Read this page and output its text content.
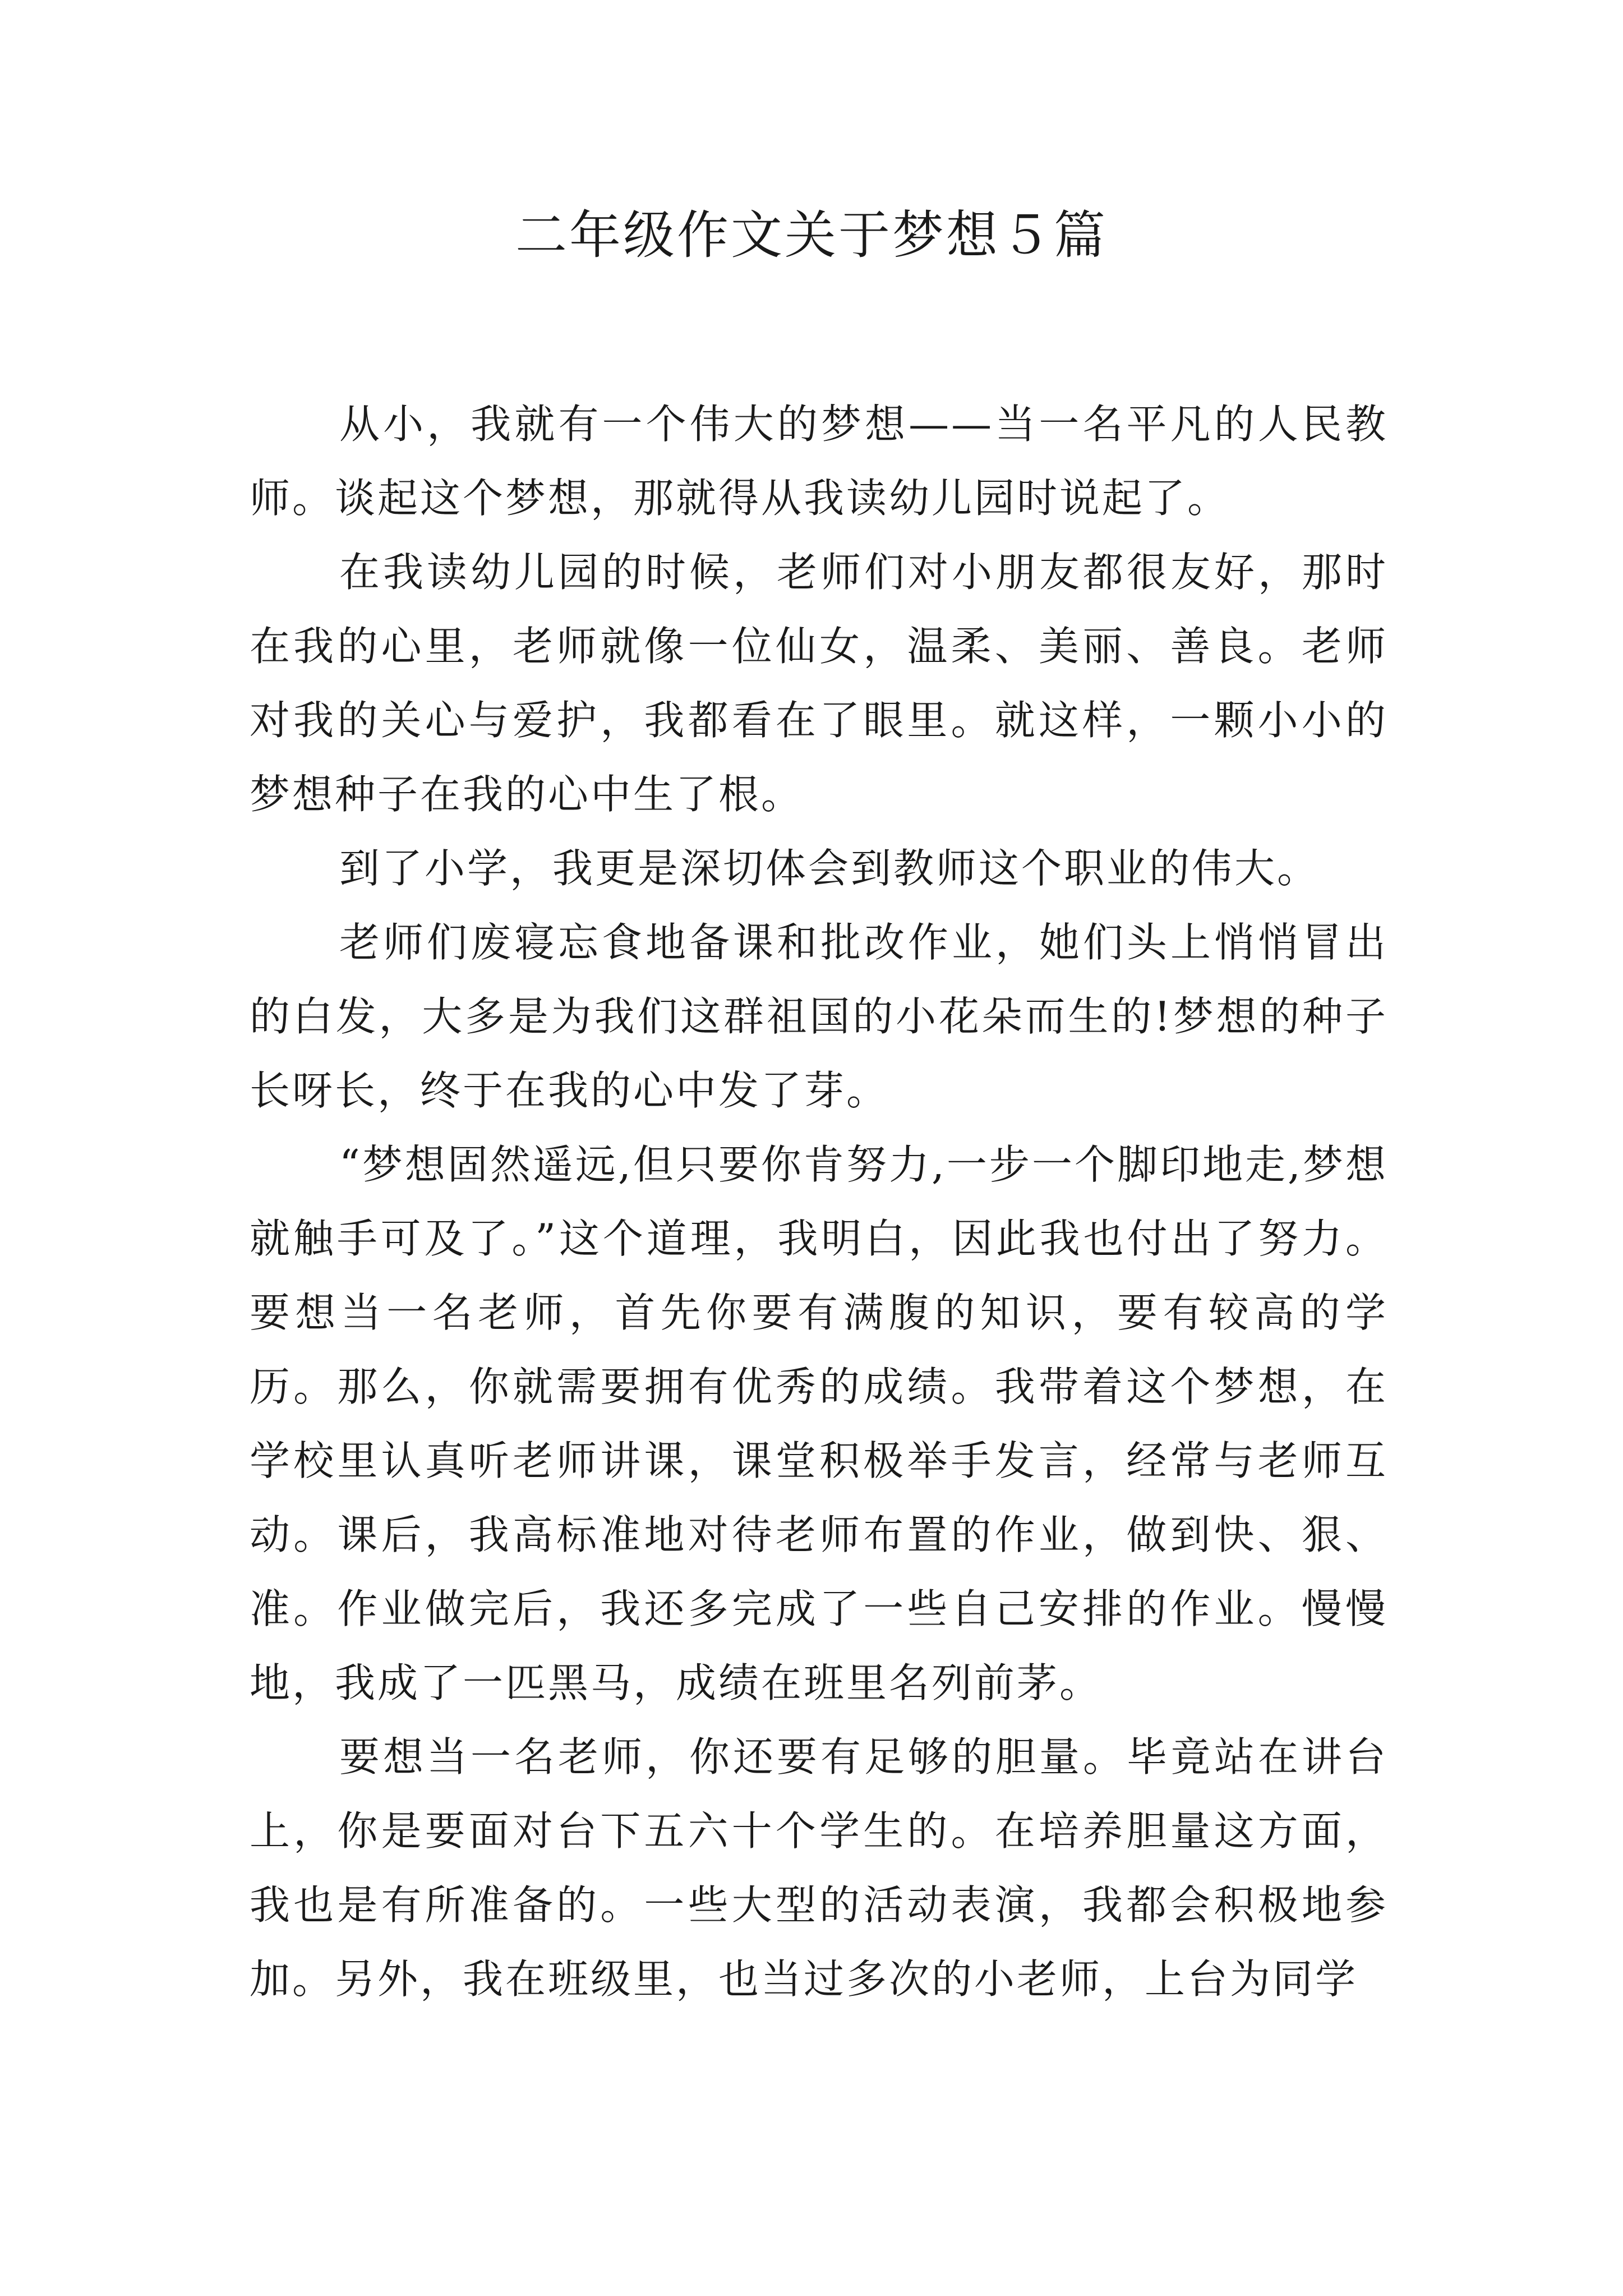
二年级作文关于梦想５篇

从小，我就有一个伟大的梦想——当一名平凡的人民教师。谈起这个梦想，那就得从我读幼儿园时说起了。

在我读幼儿园的时候，老师们对小朋友都很友好，那时在我的心里，老师就像一位仙女，温柔、美丽、善良。老师对我的关心与爱护，我都看在了眼里。就这样，一颗小小的梦想种子在我的心中生了根。

到了小学，我更是深切体会到教师这个职业的伟大。

老师们废寝忘食地备课和批改作业，她们头上悄悄冒出的白发，大多是为我们这群祖国的小花朵而生的!梦想的种子长呀长，终于在我的心中发了芽。

“梦想固然遥远,但只要你肯努力,一步一个脚印地走,梦想就触手可及了。”这个道理，我明白，因此我也付出了努力。要想当一名老师，首先你要有满腹的知识，要有较高的学历。那么，你就需要拥有优秀的成绩。我带着这个梦想，在学校里认真听老师讲课，课堂积极举手发言，经常与老师互动。课后，我高标准地对待老师布置的作业，做到快、狠、准。作业做完后，我还多完成了一些自己安排的作业。慢慢地，我成了一匹黑马，成绩在班里名列前茅。

要想当一名老师，你还要有足够的胆量。毕竟站在讲台上，你是要面对台下五六十个学生的。在培养胆量这方面，我也是有所准备的。一些大型的活动表演，我都会积极地参加。另外，我在班级里，也当过多次的小老师，上台为同学
